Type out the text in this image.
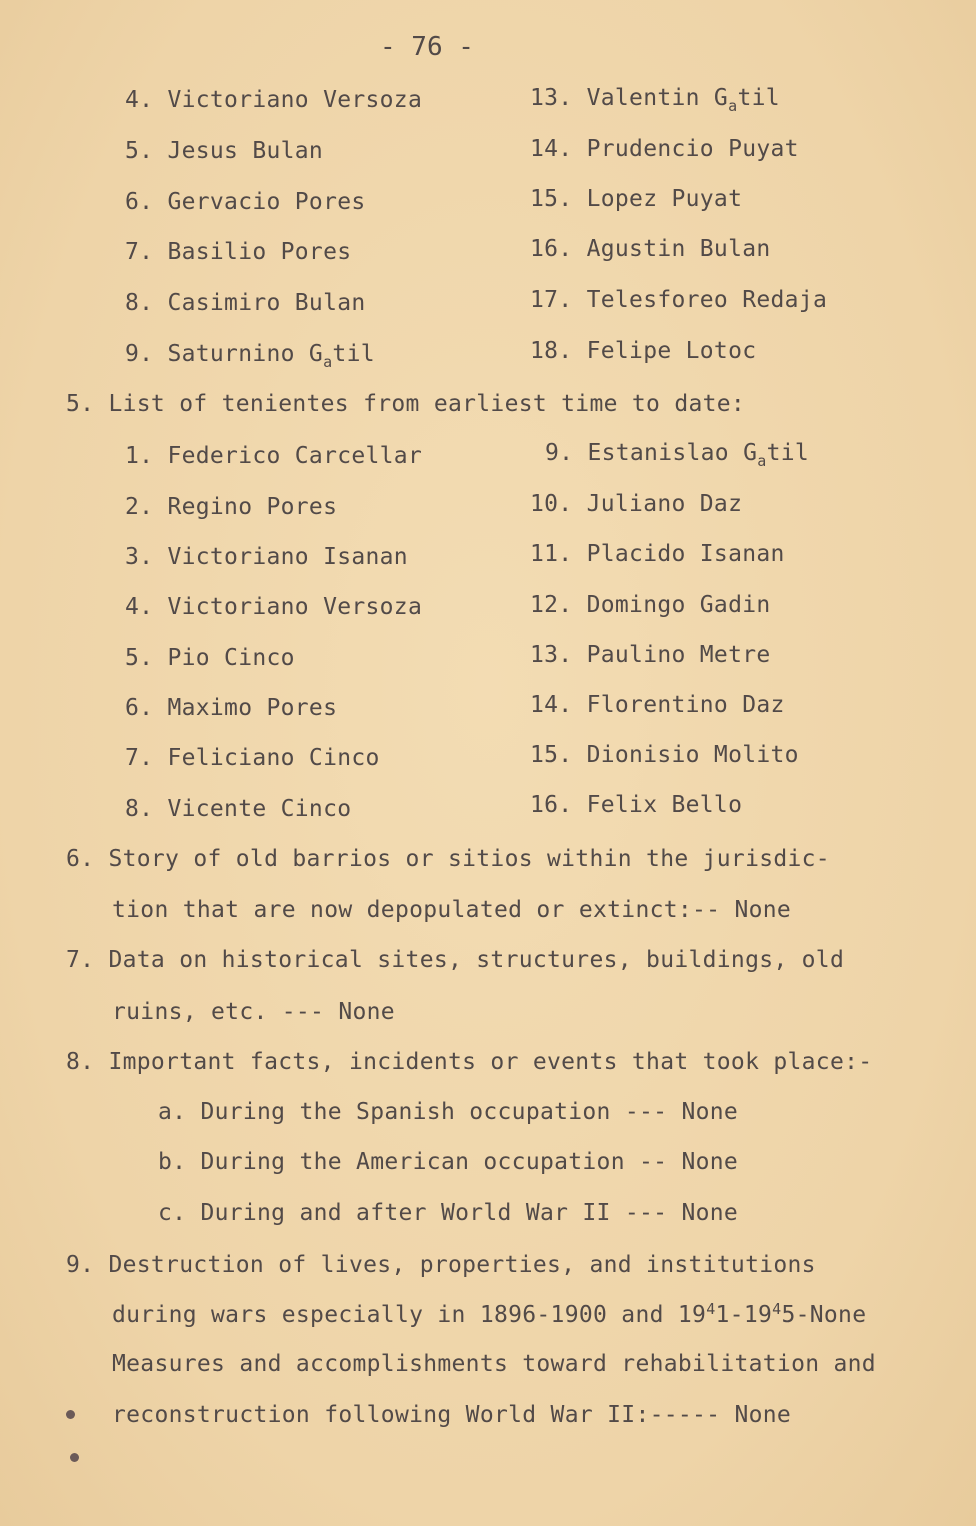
- 76 -
4. Victoriano Versoza
5. Jesus Bulan
6. Gervacio Pores
7. Basilio Pores
8. Casimiro Bulan
9. Saturnino $G_atil$
13. Valentin $G_atil$
14. Prudencio Puyat
15. Lopez Puyat
16. Agustin Bulan
17. Telesforeo Redaja
18. Felipe Lotoc
5. List of tenientes from earliest time to date:
1. Federico Carcellar
2. Regino Pores
3. Victoriano Isanan
4. Victoriano Versoza
5. Pio Cinco
6. Maximo Pores
7. Feliciano Cinco
8. Vicente Cinco
9. Estanislao $G_atil$
10. Juliano Daz
11. Placido Isanan
12. Domingo Gadin
13. Paulino Metre
14. Florentino Daz
15. Dionisio Molito
16. Felix Bello
6. Story of old barrios or sitios within the jurisdic-
tion that are now depopulated or extinct:-- None
7. Data on historical sites, structures, buildings, old
ruins, etc. --- None
8. Important facts, incidents or events that took place:-
a. During the Spanish occupation --- None
b. During the American occupation -- None
c. During and after World War II --- None
9. Destruction of lives, properties, and institutions
during wars especially in 1896-1900 and $19^41-19^45$-None
Measures and accomplishments toward rehabilitation and
reconstruction following World War II:----- None
